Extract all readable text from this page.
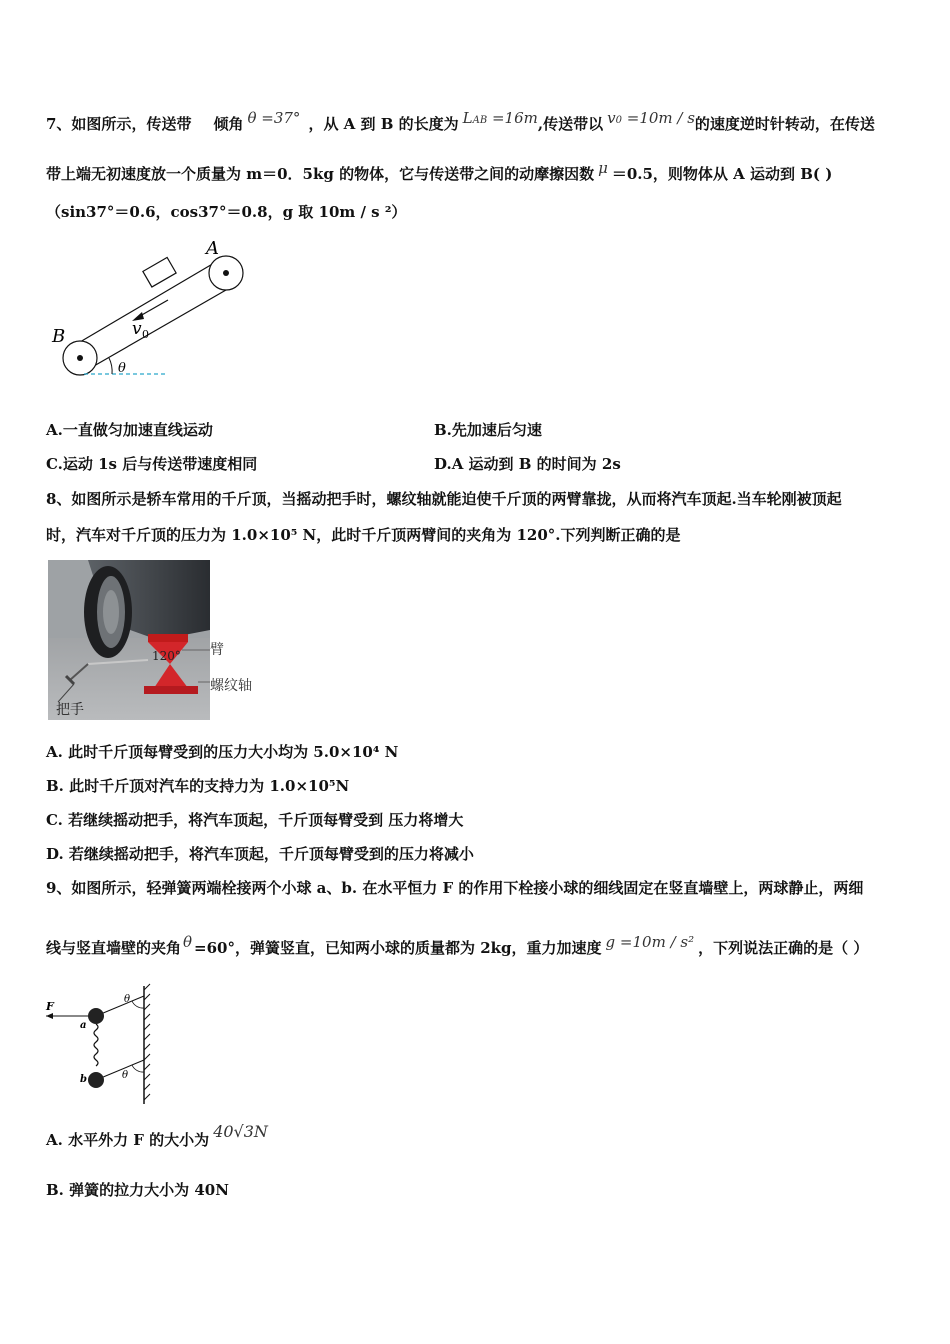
7、如图所示，传送带 倾角 θ =37° ，从 A 到 B 的长度为 LAB =16m,传送带以 v0 =10m / s的速度逆时针转动，在传送
带上端无初速度放一个质量为 m＝0．5kg 的物体，它与传送带之间的动摩擦因数 μ ＝0.5，则物体从 A 运动到 B( )
（sin37°＝0.6，cos37°＝0.8，g 取 10m / s ²）
A
B	v 0
θ
A.一直做匀加速直线运动	B.先加速后匀速
C.运动 1s 后与传送带速度相同	D.A 运动到 B 的时间为 2s
8、如图所示是轿车常用的千斤顶，当摇动把手时，螺纹轴就能迫使千斤顶的两臂靠拢，从而将汽车顶起.当车轮刚被顶起
时，汽车对千斤顶的压力为 1.0×10⁵ N，此时千斤顶两臂间的夹角为 120°.下列判断正确的是
120° 臂
螺纹轴
把手
A. 此时千斤顶每臂受到的压力大小均为 5.0×10⁴ N
B. 此时千斤顶对汽车的支持力为 1.0×10⁵N
C. 若继续摇动把手，将汽车顶起，千斤顶每臂受到 压力将增大
D. 若继续摇动把手，将汽车顶起，千斤顶每臂受到的压力将减小
9、如图所示，轻弹簧两端栓接两个小球 a、b. 在水平恒力 F 的作用下栓接小球的细线固定在竖直墙壁上，两球静止，两细
线与竖直墙壁的夹角 θ =60°，弹簧竖直，已知两小球的质量都为 2kg，重力加速度 g =10m / s² ，下列说法正确的是（ ）
F
a
b
θ
θ
A. 水平外力 F 的大小为 40√3N
B. 弹簧的拉力大小为 40N
